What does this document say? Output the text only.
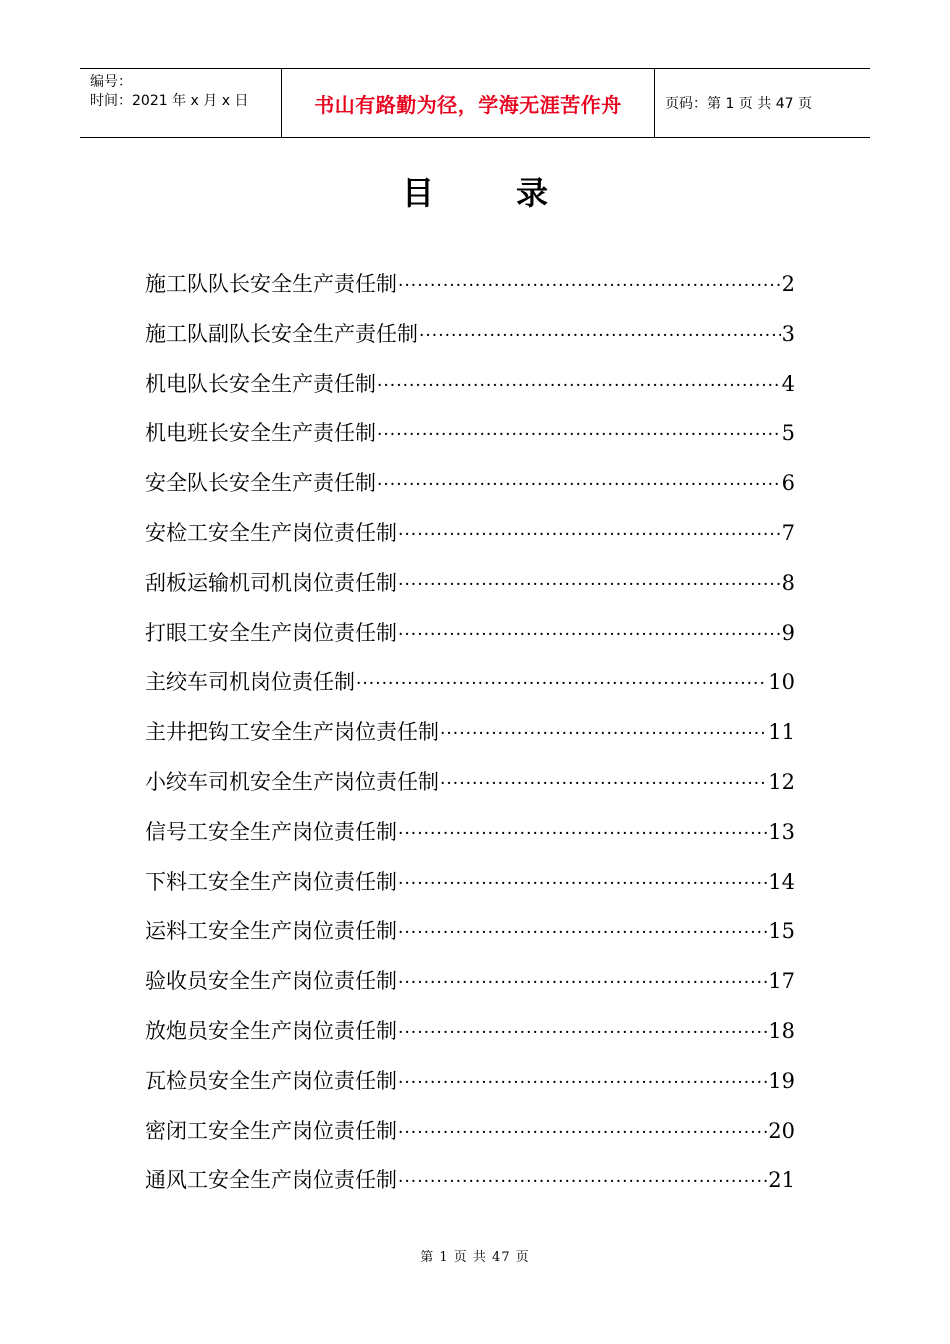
编号：
时间：2021 年 x 月 x 日	书山有路勤为径，学海无涯苦作舟	页码：第 1 页 共 47 页
目	录
施工队队长安全生产责任制 ·····	2
施工队副队长安全生产责任制 ·····	3
机电队长安全生产责任制 ·····	4
机电班长安全生产责任制 ·····	5
安全队长安全生产责任制 ·····	6
安检工安全生产岗位责任制 ·····	7
刮板运输机司机岗位责任制 ·····	8
打眼工安全生产岗位责任制 ·····	9
主绞车司机岗位责任制 ·····	10
主井把钩工安全生产岗位责任制 ·····	11
小绞车司机安全生产岗位责任制 ·····	12
信号工安全生产岗位责任制 ·····	13
下料工安全生产岗位责任制 ·····	14
运料工安全生产岗位责任制 ·····	15
验收员安全生产岗位责任制 ·····	17
放炮员安全生产岗位责任制 ·····	18
瓦检员安全生产岗位责任制 ·····	19
密闭工安全生产岗位责任制 ·····	20
通风工安全生产岗位责任制 ·····	21
第 1 页 共 47 页
